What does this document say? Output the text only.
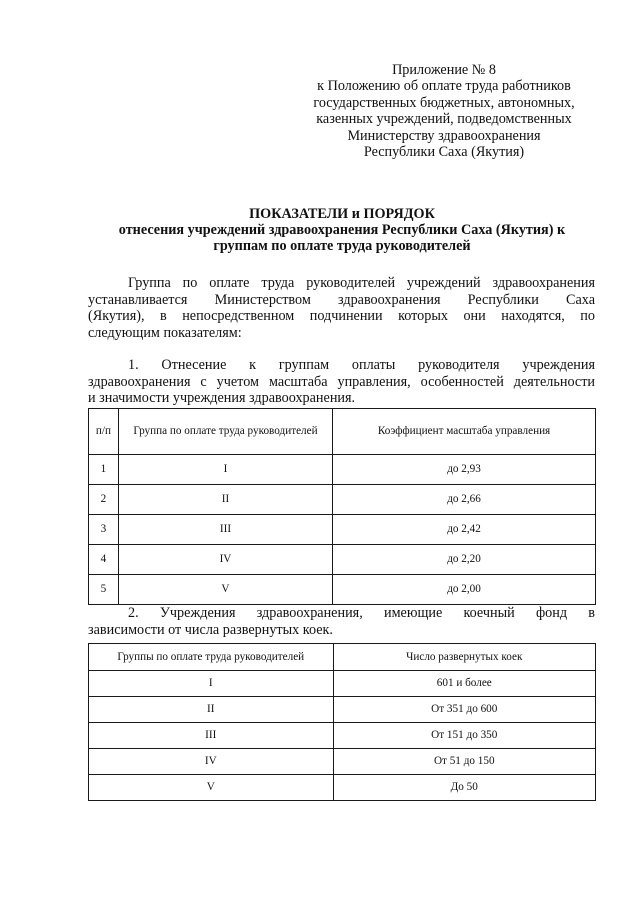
Приложение № 8
к Положению об оплате труда работников
государственных бюджетных, автономных,
казенных учреждений, подведомственных
Министерству здравоохранения
Республики Саха (Якутия)
ПОКАЗАТЕЛИ и ПОРЯДОК
отнесения учреждений здравоохранения Республики Саха (Якутия) к
группам по оплате труда руководителей
Группа по оплате труда руководителей учреждений здравоохранения
устанавливается Министерством здравоохранения Республики Саха
(Якутия), в непосредственном подчинении которых они находятся, по
следующим показателям:
1. Отнесение к группам оплаты руководителя учреждения
здравоохранения с учетом масштаба управления, особенностей деятельности
и значимости учреждения здравоохранения.
п/п	Группа по оплате труда руководителей	Коэффициент масштаба управления
1	I	до 2,93
2	II	до 2,66
3	III	до 2,42
4	IV	до 2,20
5	V	до 2,00
2. Учреждения здравоохранения, имеющие коечный фонд в
зависимости от числа развернутых коек.
Группы по оплате труда руководителей	Число развернутых коек
I	601 и более
II	От 351 до 600
III	От 151 до 350
IV	От 51 до 150
V	До 50
